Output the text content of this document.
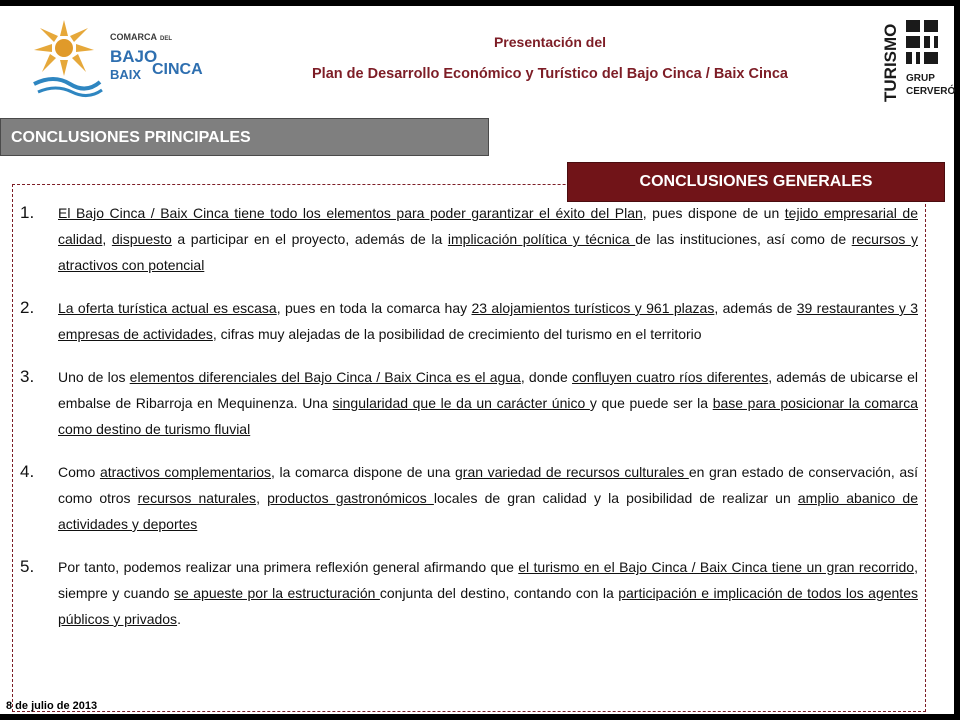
COMARCA DEL
BAJO
BAIX CINCA
Presentación del
Plan de Desarrollo Económico y Turístico del Bajo Cinca / Baix Cinca	TURISMO GRUP
CERVERÓ
CONCLUSIONES PRINCIPALES
CONCLUSIONES GENERALES
1. El Bajo Cinca / Baix Cinca tiene todo los elementos para poder garantizar el éxito del Plan, pues dispone de un tejido empresarial de calidad, dispuesto a participar en el proyecto, además de la implicación política y técnica de las instituciones, así como de recursos y atractivos con potencial
2. La oferta turística actual es escasa, pues en toda la comarca hay 23 alojamientos turísticos y 961 plazas, además de 39 restaurantes y 3 empresas de actividades, cifras muy alejadas de la posibilidad de crecimiento del turismo en el territorio
3. Uno de los elementos diferenciales del Bajo Cinca / Baix Cinca es el agua, donde confluyen cuatro ríos diferentes, además de ubicarse el embalse de Ribarroja en Mequinenza. Una singularidad que le da un carácter único y que puede ser la base para posicionar la comarca como destino de turismo fluvial
4. Como atractivos complementarios, la comarca dispone de una gran variedad de recursos culturales en gran estado de conservación, así como otros recursos naturales, productos gastronómicos locales de gran calidad y la posibilidad de realizar un amplio abanico de actividades y deportes
5. Por tanto, podemos realizar una primera reflexión general afirmando que el turismo en el Bajo Cinca / Baix Cinca tiene un gran recorrido, siempre y cuando se apueste por la estructuración conjunta del destino, contando con la participación e implicación de todos los agentes públicos y privados.
8 de julio de 2013
